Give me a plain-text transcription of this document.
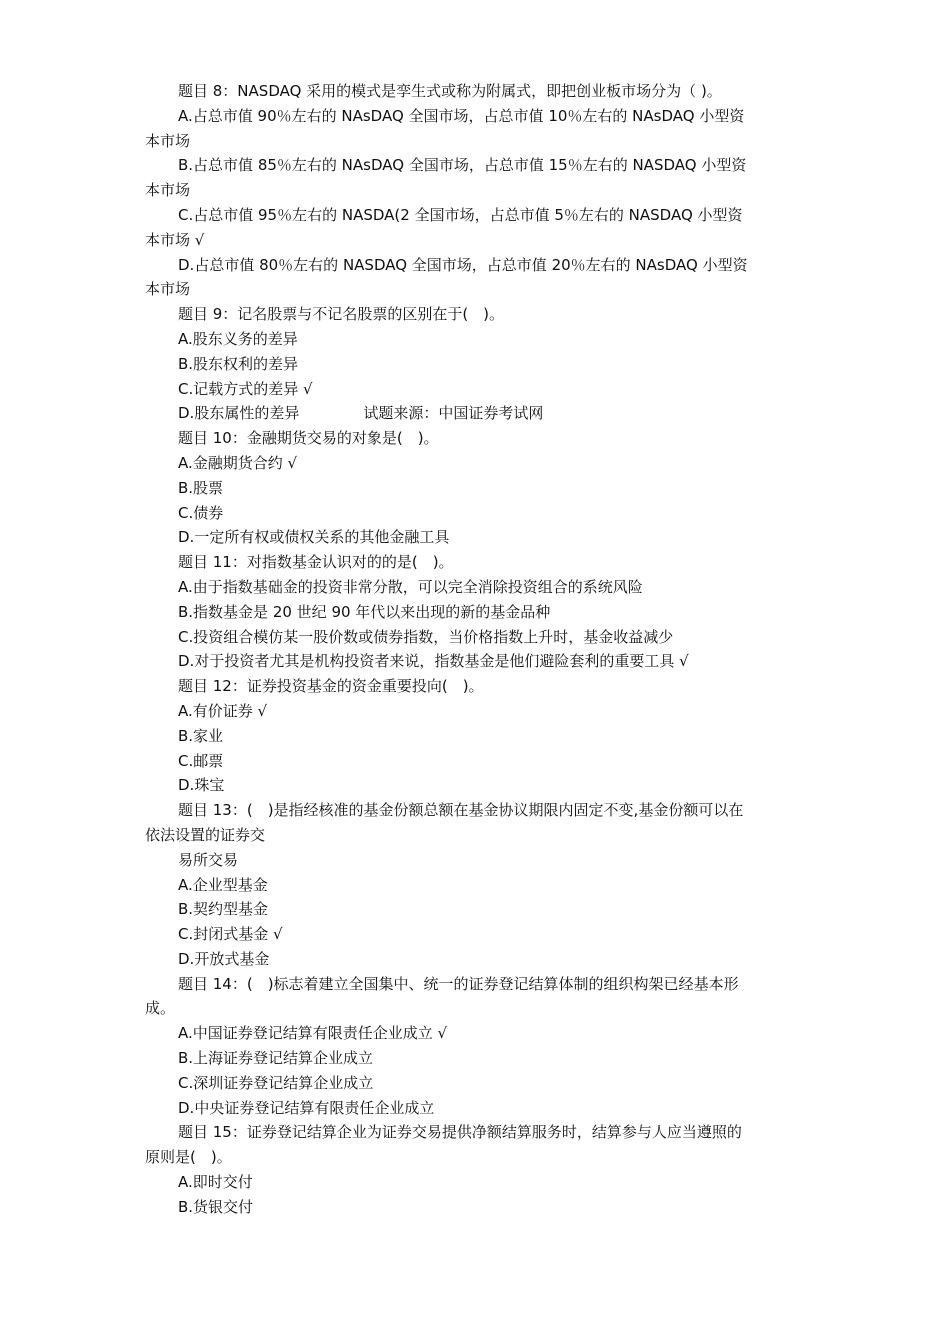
题目 8：NASDAQ 采用的模式是孪生式或称为附属式，即把创业板市场分为（ )。

A.占总市值 90％左右的 NAsDAQ 全国市场，占总市值 10％左右的 NAsDAQ 小型资

本市场

B.占总市值 85％左右的 NAsDAQ 全国市场，占总市值 15％左右的 NASDAQ 小型资

本市场

C.占总市值 95％左右的 NASDA(2 全国市场，占总市值 5％左右的 NASDAQ 小型资

本市场 √

D.占总市值 80％左右的 NASDAQ 全国市场，占总市值 20％左右的 NAsDAQ 小型资

本市场

题目 9：记名股票与不记名股票的区别在于(　)。

A.股东义务的差异

B.股东权利的差异

C.记载方式的差异 √

D.股东属性的差异	试题来源：中国证券考试网

题目 10：金融期货交易的对象是(　)。

A.金融期货合约 √

B.股票

C.债券

D.一定所有权或债权关系的其他金融工具

题目 11：对指数基金认识对的的是(　)。

A.由于指数基础金的投资非常分散，可以完全消除投资组合的系统风险

B.指数基金是 20 世纪 90 年代以来出现的新的基金品种

C.投资组合模仿某一股价数或债券指数，当价格指数上升时，基金收益减少

D.对于投资者尤其是机构投资者来说，指数基金是他们避险套利的重要工具 √

题目 12：证券投资基金的资金重要投向(　)。

A.有价证券 √

B.家业

C.邮票

D.珠宝

题目 13：(　)是指经核准的基金份额总额在基金协议期限内固定不变,基金份额可以在

依法设置的证券交

易所交易

A.企业型基金

B.契约型基金

C.封闭式基金 √

D.开放式基金

题目 14：(　)标志着建立全国集中、统一的证券登记结算体制的组织构架已经基本形

成。

A.中国证券登记结算有限责任企业成立 √

B.上海证券登记结算企业成立

C.深圳证券登记结算企业成立

D.中央证券登记结算有限责任企业成立

题目 15：证券登记结算企业为证券交易提供净额结算服务时，结算参与人应当遵照的

原则是(　)。

A.即时交付

B.货银交付
